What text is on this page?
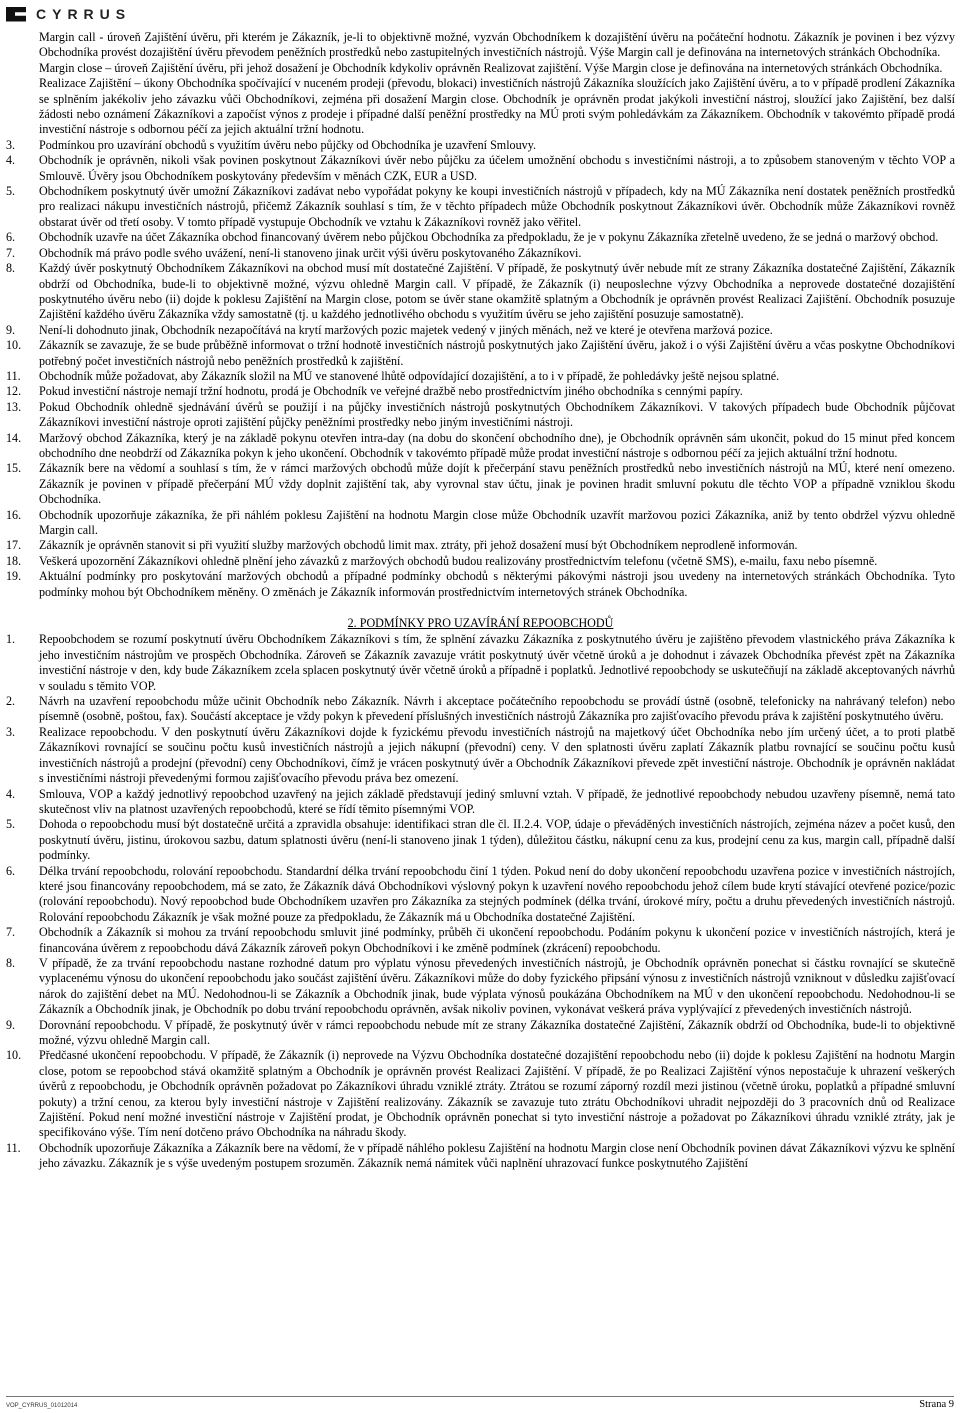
CYRRUS
Margin call - úroveň Zajištění úvěru, při kterém je Zákazník, je-li to objektivně možné, vyzván Obchodníkem k dozajištění úvěru na počáteční hodnotu. Zákazník je povinen i bez výzvy Obchodníka provést dozajištění úvěru převodem peněžních prostředků nebo zastupitelných investičních nástrojů. Výše Margin call je definována na internetových stránkách Obchodníka.
Margin close – úroveň Zajištění úvěru, při jehož dosažení je Obchodník kdykoliv oprávněn Realizovat zajištění. Výše Margin close je definována na internetových stránkách Obchodníka.
Realizace Zajištění – úkony Obchodníka spočívající v nuceném prodeji (převodu, blokaci) investičních nástrojů Zákazníka sloužících jako Zajištění úvěru, a to v případě prodlení Zákazníka se splněním jakékoliv jeho závazku vůči Obchodníkovi, zejména při dosažení Margin close. Obchodník je oprávněn prodat jakýkoli investiční nástroj, sloužící jako Zajištění, bez další žádosti nebo oznámení Zákazníkovi a započíst výnos z prodeje i případné další peněžní prostředky na MÚ proti svým pohledávkám za Zákazníkem. Obchodník v takovémto případě prodá investiční nástroje s odbornou péčí za jejich aktuální tržní hodnotu.
3.	Podmínkou pro uzavírání obchodů s využitím úvěru nebo půjčky od Obchodníka je uzavření Smlouvy.
4.	Obchodník je oprávněn, nikoli však povinen poskytnout Zákazníkovi úvěr nebo půjčku za účelem umožnění obchodu s investičními nástroji, a to způsobem stanoveným v těchto VOP a Smlouvě. Úvěry jsou Obchodníkem poskytovány především v měnách CZK, EUR a USD.
5.	Obchodníkem poskytnutý úvěr umožní Zákazníkovi zadávat nebo vypořádat pokyny ke koupi investičních nástrojů v případech, kdy na MÚ Zákazníka není dostatek peněžních prostředků pro realizaci nákupu investičních nástrojů, přičemž Zákazník souhlasí s tím, že v těchto případech může Obchodník poskytnout Zákazníkovi úvěr. Obchodník může Zákazníkovi rovněž obstarat úvěr od třetí osoby. V tomto případě vystupuje Obchodník ve vztahu k Zákazníkovi rovněž jako věřitel.
6.	Obchodník uzavře na účet Zákazníka obchod financovaný úvěrem nebo půjčkou Obchodníka za předpokladu, že je v pokynu Zákazníka zřetelně uvedeno, že se jedná o maržový obchod.
7.	Obchodník má právo podle svého uvážení, není-li stanoveno jinak určit výši úvěru poskytovaného Zákazníkovi.
8.	Každý úvěr poskytnutý Obchodníkem Zákazníkovi na obchod musí mít dostatečné Zajištění. V případě, že poskytnutý úvěr nebude mít ze strany Zákazníka dostatečné Zajištění, Zákazník obdrží od Obchodníka, bude-li to objektivně možné, výzvu ohledně Margin call. V případě, že Zákazník (i) neuposlechne výzvy Obchodníka a neprovede dostatečné dozajištění poskytnutého úvěru nebo (ii) dojde k poklesu Zajištění na Margin close, potom se úvěr stane okamžitě splatným a Obchodník je oprávněn provést Realizaci Zajištění. Obchodník posuzuje Zajištění každého úvěru Zákazníka vždy samostatně (tj. u každého jednotlivého obchodu s využitím úvěru se jeho zajištění posuzuje samostatně).
9.	Není-li dohodnuto jinak, Obchodník nezapočítává na krytí maržových pozic majetek vedený v jiných měnách, než ve které je otevřena maržová pozice.
10.	Zákazník se zavazuje, že se bude průběžně informovat o tržní hodnotě investičních nástrojů poskytnutých jako Zajištění úvěru, jakož i o výši Zajištění úvěru a včas poskytne Obchodníkovi potřebný počet investičních nástrojů nebo peněžních prostředků k zajištění.
11.	Obchodník může požadovat, aby Zákazník složil na MÚ ve stanovené lhůtě odpovídající dozajištění, a to i v případě, že pohledávky ještě nejsou splatné.
12.	Pokud investiční nástroje nemají tržní hodnotu, prodá je Obchodník ve veřejné dražbě nebo prostřednictvím jiného obchodníka s cennými papíry.
13.	Pokud Obchodník ohledně sjednávání úvěrů se použijí i na půjčky investičních nástrojů poskytnutých Obchodníkem Zákazníkovi. V takových případech bude Obchodník půjčovat Zákazníkovi investiční nástroje oproti zajištění půjčky peněžními prostředky nebo jiným investičními nástroji.
14.	Maržový obchod Zákazníka, který je na základě pokynu otevřen intra-day (na dobu do skončení obchodního dne), je Obchodník oprávněn sám ukončit, pokud do 15 minut před koncem obchodního dne neobdrží od Zákazníka pokyn k jeho ukončení. Obchodník v takovémto případě může prodat investiční nástroje s odbornou péčí za jejich aktuální tržní hodnotu.
15.	Zákazník bere na vědomí a souhlasí s tím, že v rámci maržových obchodů může dojít k přečerpání stavu peněžních prostředků nebo investičních nástrojů na MÚ, které není omezeno. Zákazník je povinen v případě přečerpání MÚ vždy doplnit zajištění tak, aby vyrovnal stav účtu, jinak je povinen hradit smluvní pokutu dle těchto VOP a případně vzniklou škodu Obchodníka.
16.	Obchodník upozorňuje zákazníka, že při náhlém poklesu Zajištění na hodnotu Margin close může Obchodník uzavřít maržovou pozici Zákazníka, aniž by tento obdržel výzvu ohledně Margin call.
17.	Zákazník je oprávněn stanovit si při využití služby maržových obchodů limit max. ztráty, při jehož dosažení musí být Obchodníkem neprodleně informován.
18.	Veškerá upozornění Zákazníkovi ohledně plnění jeho závazků z maržových obchodů budou realizovány prostřednictvím telefonu (včetně SMS), e-mailu, faxu nebo písemně.
19.	Aktuální podmínky pro poskytování maržových obchodů a případné podmínky obchodů s některými pákovými nástroji jsou uvedeny na internetových stránkách Obchodníka. Tyto podmínky mohou být Obchodníkem měněny. O změnách je Zákazník informován prostřednictvím internetových stránek Obchodníka.
2. PODMÍNKY PRO UZAVÍRÁNÍ REPOOBCHODŮ
1.	Repoobchodem se rozumí poskytnutí úvěru Obchodníkem Zákazníkovi s tím, že splnění závazku Zákazníka z poskytnutého úvěru je zajištěno převodem vlastnického práva Zákazníka k jeho investičním nástrojům ve prospěch Obchodníka. Zároveň se Zákazník zavazuje vrátit poskytnutý úvěr včetně úroků a je dohodnut i závazek Obchodníka převést zpět na Zákazníka investiční nástroje v den, kdy bude Zákazníkem zcela splacen poskytnutý úvěr včetně úroků a případně i poplatků. Jednotlivé repoobchody se uskutečňují na základě akceptovaných návrhů v souladu s těmito VOP.
2.	Návrh na uzavření repoobchodu může učinit Obchodník nebo Zákazník. Návrh i akceptace počátečního repoobchodu se provádí ústně (osobně, telefonicky na nahrávaný telefon) nebo písemně (osobně, poštou, fax). Součástí akceptace je vždy pokyn k převedení příslušných investičních nástrojů Zákazníka pro zajišťovacího převodu práva k zajištění poskytnutého úvěru.
3.	Realizace repoobchodu. V den poskytnutí úvěru Zákazníkovi dojde k fyzickému převodu investičních nástrojů na majetkový účet Obchodníka nebo jím určený účet, a to proti platbě Zákazníkovi rovnající se součinu počtu kusů investičních nástrojů a jejich nákupní (převodní) ceny. V den splatnosti úvěru zaplatí Zákazník platbu rovnající se součinu počtu kusů investičních nástrojů a prodejní (převodní) ceny Obchodníkovi, čímž je vrácen poskytnutý úvěr a Obchodník Zákazníkovi převede zpět investiční nástroje. Obchodník je oprávněn nakládat s investičními nástroji převedenými formou zajišťovacího převodu práva bez omezení.
4.	Smlouva, VOP a každý jednotlivý repoobchod uzavřený na jejich základě představují jediný smluvní vztah. V případě, že jednotlivé repoobchody nebudou uzavřeny písemně, nemá tato skutečnost vliv na platnost uzavřených repoobchodů, které se řídí těmito písemnými VOP.
5.	Dohoda o repoobchodu musí být dostatečně určitá a zpravidla obsahuje: identifikaci stran dle čl. II.2.4. VOP, údaje o převáděných investičních nástrojích, zejména název a počet kusů, den poskytnutí úvěru, jistinu, úrokovou sazbu, datum splatnosti úvěru (není-li stanoveno jinak 1 týden), důležitou částku, nákupní cenu za kus, prodejní cenu za kus, margin call, případně další podmínky.
6.	Délka trvání repoobchodu, rolování repoobchodu. Standardní délka trvání repoobchodu činí 1 týden. Pokud není do doby ukončení repoobchodu uzavřena pozice v investičních nástrojích, které jsou financovány repoobchodem, má se zato, že Zákazník dává Obchodníkovi výslovný pokyn k uzavření nového repoobchodu jehož cílem bude krytí stávající otevřené pozice/pozic (rolování repoobchodu). Nový repoobchod bude Obchodníkem uzavřen pro Zákazníka za stejných podmínek (délka trvání, úrokové míry, počtu a druhu převedených investičních nástrojů. Rolování repoobchodu Zákazník je však možné pouze za předpokladu, že Zákazník má u Obchodníka dostatečné Zajištění.
7.	Obchodník a Zákazník si mohou za trvání repoobchodu smluvit jiné podmínky, průběh či ukončení repoobchodu. Podáním pokynu k ukončení pozice v investičních nástrojích, která je financována úvěrem z repoobchodu dává Zákazník zároveň pokyn Obchodníkovi i ke změně podmínek (zkrácení) repoobchodu.
8.	V případě, že za trvání repoobchodu nastane rozhodné datum pro výplatu výnosu převedených investičních nástrojů, je Obchodník oprávněn ponechat si částku rovnající se skutečně vyplacenému výnosu do ukončení repoobchodu jako součást zajištění úvěru. Zákazníkovi může do doby fyzického připsání výnosu z investičních nástrojů vzniknout v důsledku zajišťovací nárok do zajištění debet na MÚ. Nedohodnou-li se Zákazník a Obchodník jinak, bude výplata výnosů poukázána Obchodníkem na MÚ v den ukončení repoobchodu. Nedohodnou-li se Zákazník a Obchodník jinak, je Obchodník po dobu trvání repoobchodu oprávněn, avšak nikoliv povinen, vykonávat veškerá práva vyplývající z převedených investičních nástrojů.
9.	Dorovnání repoobchodu. V případě, že poskytnutý úvěr v rámci repoobchodu nebude mít ze strany Zákazníka dostatečné Zajištění, Zákazník obdrží od Obchodníka, bude-li to objektivně možné, výzvu ohledně Margin call.
10.	Předčasné ukončení repoobchodu. V případě, že Zákazník (i) neprovede na Výzvu Obchodníka dostatečné dozajištění repoobchodu nebo (ii) dojde k poklesu Zajištění na hodnotu Margin close, potom se repoobchod stává okamžitě splatným a Obchodník je oprávněn provést Realizaci Zajištění. V případě, že po Realizaci Zajištění výnos nepostačuje k uhrazení veškerých úvěrů z repoobchodu, je Obchodník oprávněn požadovat po Zákazníkovi úhradu vzniklé ztráty. Ztrátou se rozumí záporný rozdíl mezi jistinou (včetně úroku, poplatků a případné smluvní pokuty) a tržní cenou, za kterou byly investiční nástroje v Zajištění realizovány. Zákazník se zavazuje tuto ztrátu Obchodníkovi uhradit nejpozději do 3 pracovních dnů od Realizace Zajištění. Pokud není možné investiční nástroje v Zajištění prodat, je Obchodník oprávněn ponechat si tyto investiční nástroje a požadovat po Zákazníkovi úhradu vzniklé ztráty, jak je specifikováno výše. Tím není dotčeno právo Obchodníka na náhradu škody.
11.	Obchodník upozorňuje Zákazníka a Zákazník bere na vědomí, že v případě náhlého poklesu Zajištění na hodnotu Margin close není Obchodník povinen dávat Zákazníkovi výzvu ke splnění jeho závazku. Zákazník je s výše uvedeným postupem srozuměn. Zákazník nemá námitek vůči naplnění uhrazovací funkce poskytnutého Zajištění
VOP_CYRRUS_01012014	Strana 9
